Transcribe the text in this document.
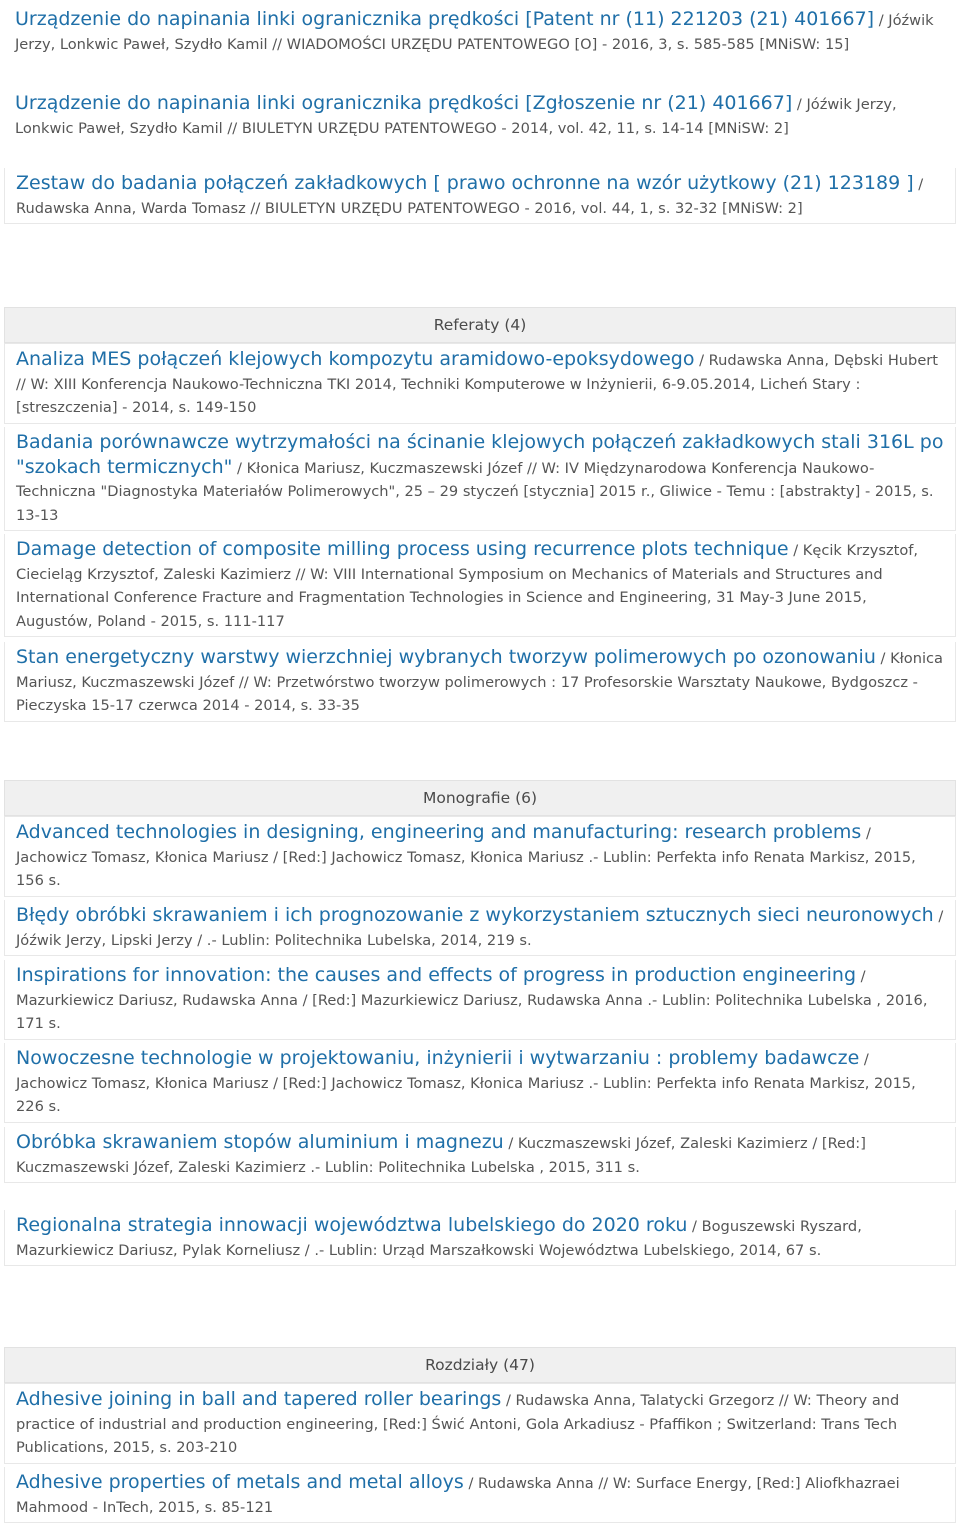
Urządzenie do napinania linki ogranicznika prędkości [Patent nr (11) 221203 (21) 401667] / Jóźwik Jerzy, Lonkwic Paweł, Szydło Kamil // WIADOMOŚCI URZĘDU PATENTOWEGO [O] - 2016, 3, s. 585-585 [MNiSW: 15]
Urządzenie do napinania linki ogranicznika prędkości [Zgłoszenie nr (21) 401667] / Jóźwik Jerzy, Lonkwic Paweł, Szydło Kamil // BIULETYN URZĘDU PATENTOWEGO - 2014, vol. 42, 11, s. 14-14 [MNiSW: 2]
Zestaw do badania połączeń zakładkowych [ prawo ochronne na wzór użytkowy (21) 123189 ] / Rudawska Anna, Warda Tomasz // BIULETYN URZĘDU PATENTOWEGO - 2016, vol. 44, 1, s. 32-32 [MNiSW: 2]
Referaty (4)
Analiza MES połączeń klejowych kompozytu aramidowo-epoksydowego / Rudawska Anna, Dębski Hubert // W: XIII Konferencja Naukowo-Techniczna TKI 2014, Techniki Komputerowe w Inżynierii, 6-9.05.2014, Licheń Stary : [streszczenia] - 2014, s. 149-150
Badania porównawcze wytrzymałości na ścinanie klejowych połączeń zakładkowych stali 316L po "szokach termicznych" / Kłonica Mariusz, Kuczmaszewski Józef // W: IV Międzynarodowa Konferencja Naukowo-Techniczna "Diagnostyka Materiałów Polimerowych", 25 – 29 styczeń [stycznia] 2015 r., Gliwice - Temu : [abstrakty] - 2015, s. 13-13
Damage detection of composite milling process using recurrence plots technique / Kęcik Krzysztof, Ciecieląg Krzysztof, Zaleski Kazimierz // W: VIII International Symposium on Mechanics of Materials and Structures and International Conference Fracture and Fragmentation Technologies in Science and Engineering, 31 May-3 June 2015, Augustów, Poland - 2015, s. 111-117
Stan energetyczny warstwy wierzchniej wybranych tworzyw polimerowych po ozonowaniu / Kłonica Mariusz, Kuczmaszewski Józef // W: Przetwórstwo tworzyw polimerowych : 17 Profesorskie Warsztaty Naukowe, Bydgoszcz - Pieczyska 15-17 czerwca 2014 - 2014, s. 33-35
Monografie (6)
Advanced technologies in designing, engineering and manufacturing: research problems / Jachowicz Tomasz, Kłonica Mariusz / [Red:] Jachowicz Tomasz, Kłonica Mariusz .- Lublin: Perfekta info Renata Markisz, 2015, 156 s.
Błędy obróbki skrawaniem i ich prognozowanie z wykorzystaniem sztucznych sieci neuronowych / Jóźwik Jerzy, Lipski Jerzy / .- Lublin: Politechnika Lubelska, 2014, 219 s.
Inspirations for innovation: the causes and effects of progress in production engineering / Mazurkiewicz Dariusz, Rudawska Anna / [Red:] Mazurkiewicz Dariusz, Rudawska Anna .- Lublin: Politechnika Lubelska , 2016, 171 s.
Nowoczesne technologie w projektowaniu, inżynierii i wytwarzaniu : problemy badawcze / Jachowicz Tomasz, Kłonica Mariusz / [Red:] Jachowicz Tomasz, Kłonica Mariusz .- Lublin: Perfekta info Renata Markisz, 2015, 226 s.
Obróbka skrawaniem stopów aluminium i magnezu / Kuczmaszewski Józef, Zaleski Kazimierz / [Red:] Kuczmaszewski Józef, Zaleski Kazimierz .- Lublin: Politechnika Lubelska , 2015, 311 s.
Regionalna strategia innowacji województwa lubelskiego do 2020 roku / Boguszewski Ryszard, Mazurkiewicz Dariusz, Pylak Korneliusz / .- Lublin: Urząd Marszałkowski Województwa Lubelskiego, 2014, 67 s.
Rozdziały (47)
Adhesive joining in ball and tapered roller bearings / Rudawska Anna, Talatycki Grzegorz // W: Theory and practice of industrial and production engineering, [Red:] Świć Antoni, Gola Arkadiusz - Pfaffikon ; Switzerland: Trans Tech Publications, 2015, s. 203-210
Adhesive properties of metals and metal alloys / Rudawska Anna // W: Surface Energy, [Red:] Aliofkhazraei Mahmood - InTech, 2015, s. 85-121
